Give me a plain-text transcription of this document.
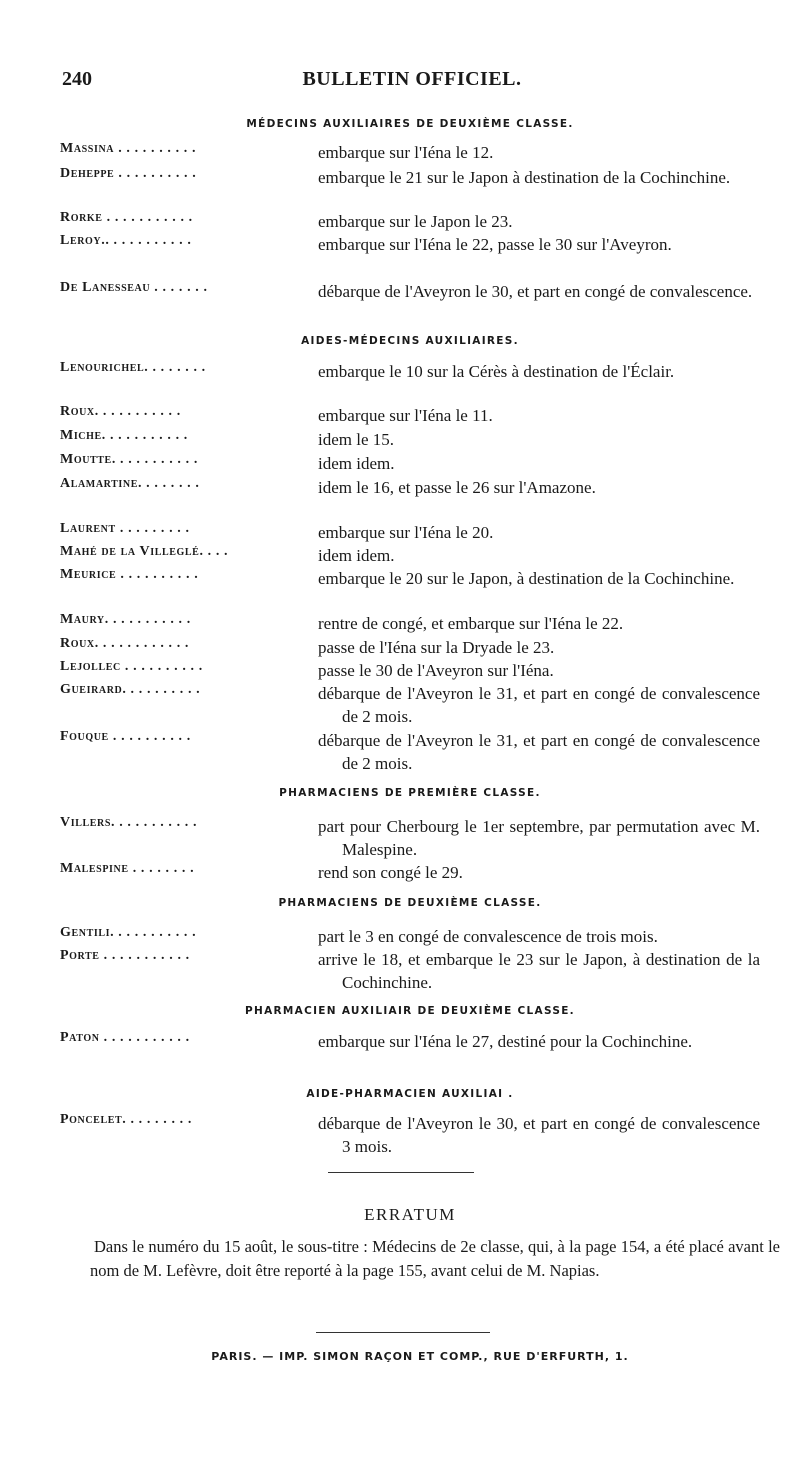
240	BULLETIN OFFICIEL.
MÉDECINS AUXILIAIRES DE DEUXIÈME CLASSE.
Massina . . . . . . . . . .	embarque sur l'Iéna le 12.
Deheppe . . . . . . . . . .	embarque le 21 sur le Japon à destination de la Cochinchine.
Rorke . . . . . . . . . . .	embarque sur le Japon le 23.
Leroy.. . . . . . . . . . .	embarque sur l'Iéna le 22, passe le 30 sur l'Aveyron.
De Lanesseau . . . . . . .	débarque de l'Aveyron le 30, et part en congé de convalescence.
AIDES-MÉDECINS AUXILIAIRES.
Lenourichel. . . . . . . .	embarque le 10 sur la Cérès à destination de l'Éclair.
Roux. . . . . . . . . . .	embarque sur l'Iéna le 11.
Miche. . . . . . . . . . .	idem le 15.
Moutte. . . . . . . . . . .	idem idem.
Alamartine. . . . . . . .	idem le 16, et passe le 26 sur l'Amazone.
Laurent . . . . . . . . .	embarque sur l'Iéna le 20.
Mahé de la Villeglé. . . .	idem idem.
Meurice . . . . . . . . . .	embarque le 20 sur le Japon, à destination de la Cochinchine.
Maury. . . . . . . . . . .	rentre de congé, et embarque sur l'Iéna le 22.
Roux. . . . . . . . . . . .	passe de l'Iéna sur la Dryade le 23.
Lejollec . . . . . . . . . .	passe le 30 de l'Aveyron sur l'Iéna.
Gueirard. . . . . . . . . .	débarque de l'Aveyron le 31, et part en congé de convalescence de 2 mois.
Fouque . . . . . . . . . .	débarque de l'Aveyron le 31, et part en congé de convalescence de 2 mois.
PHARMACIENS DE PREMIÈRE CLASSE.
Villers. . . . . . . . . . .	part pour Cherbourg le 1er septembre, par permutation avec M. Malespine.
Malespine . . . . . . . .	rend son congé le 29.
PHARMACIENS DE DEUXIÈME CLASSE.
Gentili. . . . . . . . . . .	part le 3 en congé de convalescence de trois mois.
Porte . . . . . . . . . . .	arrive le 18, et embarque le 23 sur le Japon, à destination de la Cochinchine.
PHARMACIEN AUXILIAIR DE DEUXIÈME CLASSE.
Paton . . . . . . . . . . .	embarque sur l'Iéna le 27, destiné pour la Cochinchine.
AIDE-PHARMACIEN AUXILIAI .
Poncelet. . . . . . . . .	débarque de l'Aveyron le 30, et part en congé de convalescence 3 mois.
ERRATUM
Dans le numéro du 15 août, le sous-titre : Médecins de 2e classe, qui, à la page 154, a été placé avant le nom de M. Lefèvre, doit être reporté à la page 155, avant celui de M. Napias.
PARIS. — IMP. SIMON RAÇON ET COMP., RUE D'ERFURTH, 1.
